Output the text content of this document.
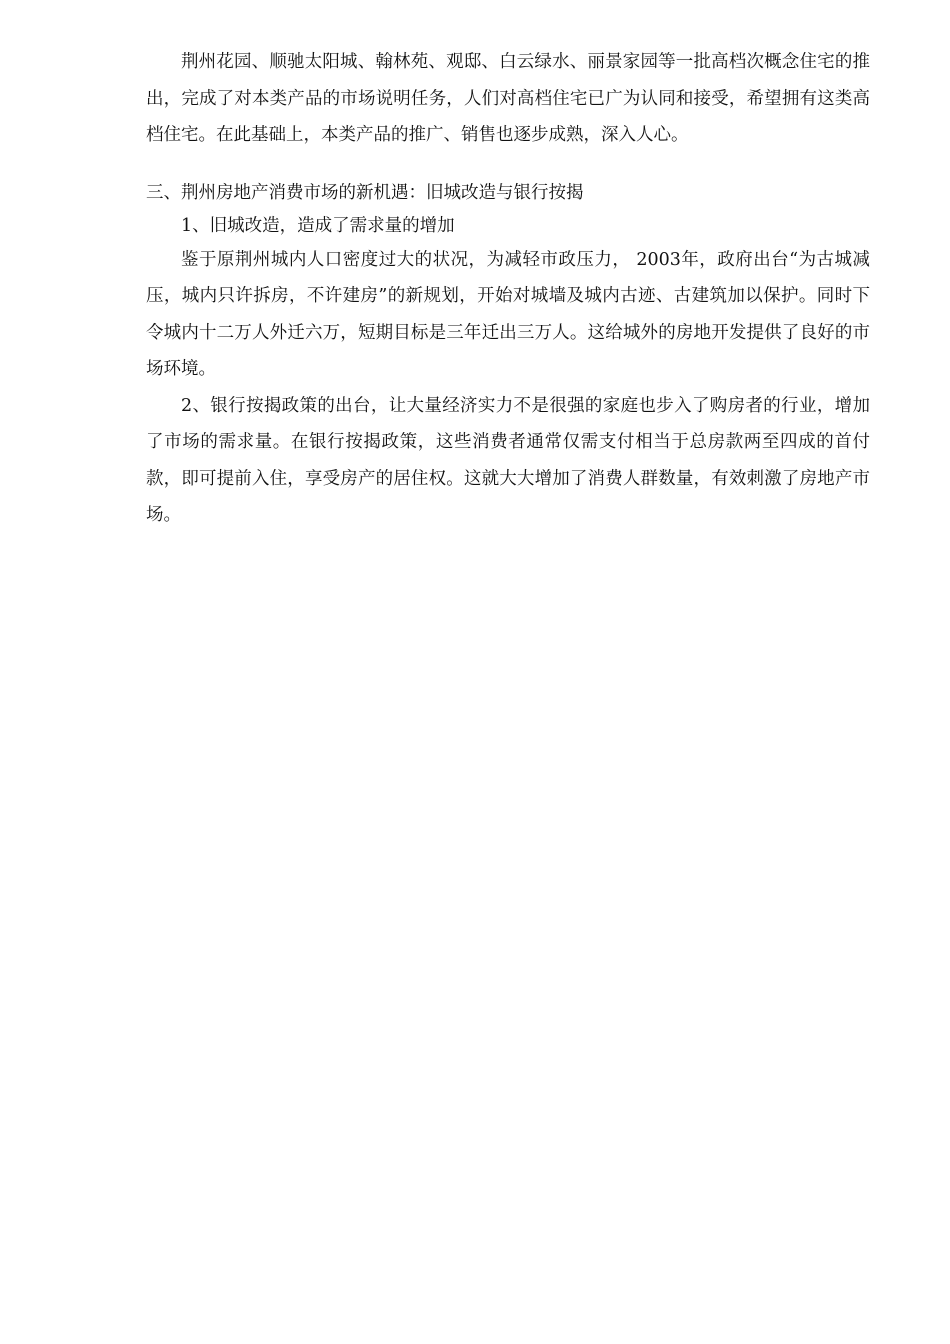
荆州花园、顺驰太阳城、翰林苑、观邸、白云绿水、丽景家园等一批高档次概念住宅的推出，完成了对本类产品的市场说明任务，人们对高档住宅已广为认同和接受，希望拥有这类高档住宅。在此基础上，本类产品的推广、销售也逐步成熟，深入人心。

三、荆州房地产消费市场的新机遇：旧城改造与银行按揭

1、旧城改造，造成了需求量的增加

鉴于原荆州城内人口密度过大的状况，为减轻市政压力， 2003年，政府出台“为古城减压，城内只许拆房，不许建房”的新规划，开始对城墙及城内古迹、古建筑加以保护。同时下令城内十二万人外迁六万，短期目标是三年迁出三万人。这给城外的房地开发提供了良好的市场环境。

2、银行按揭政策的出台，让大量经济实力不是很强的家庭也步入了购房者的行业，增加了市场的需求量。在银行按揭政策，这些消费者通常仅需支付相当于总房款两至四成的首付款，即可提前入住，享受房产的居住权。这就大大增加了消费人群数量，有效刺激了房地产市场。
